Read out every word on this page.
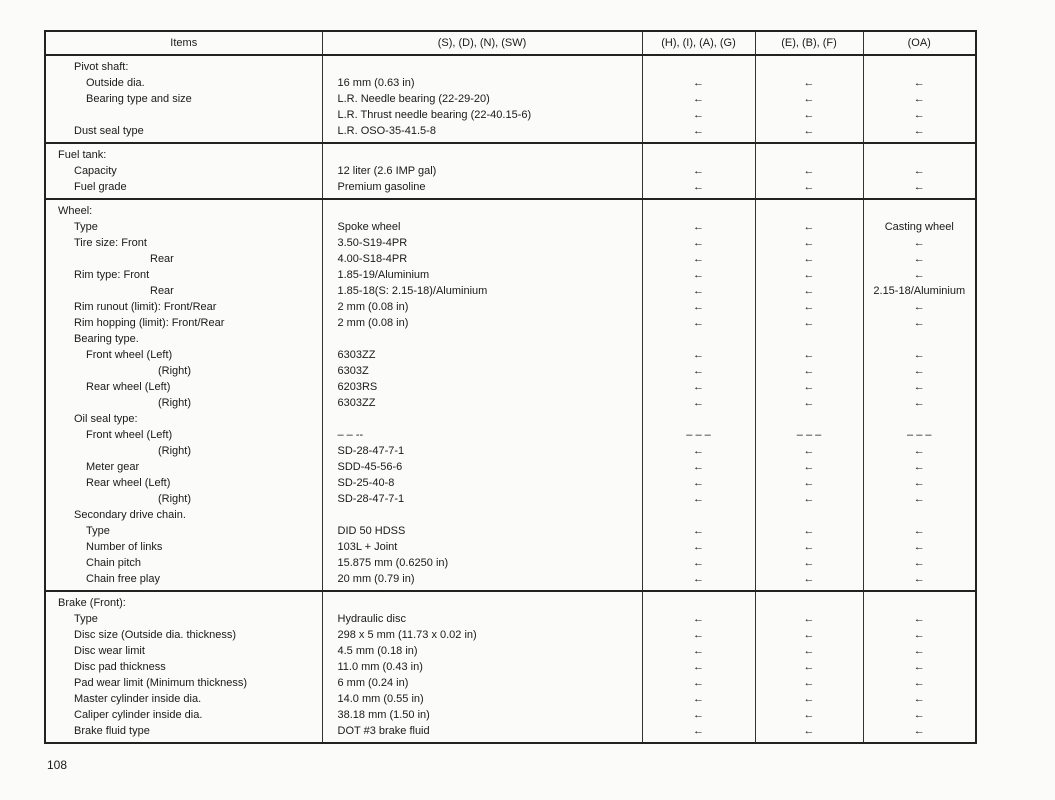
Items	(S), (D), (N), (SW)	(H), (I), (A), (G)	(E), (B), (F)	(OA)

Pivot shaft:				
Outside dia.	16 mm (0.63 in)	←	←	←
Bearing type and size	L.R. Needle bearing (22-29-20)	←	←	←
	L.R. Thrust needle bearing (22-40.15-6)	←	←	←
Dust seal type	L.R. OSO-35-41.5-8	←	←	←

Fuel tank:				
Capacity	12 liter (2.6 IMP gal)	←	←	←
Fuel grade	Premium gasoline	←	←	←

Wheel:				
Type	Spoke wheel	←	←	Casting wheel
Tire size: Front	3.50-S19-4PR	←	←	←
Rear	4.00-S18-4PR	←	←	←
Rim type: Front	1.85-19/Aluminium	←	←	←
Rear	1.85-18(S: 2.15-18)/Aluminium	←	←	2.15-18/Aluminium
Rim runout (limit): Front/Rear	2 mm (0.08 in)	←	←	←
Rim hopping (limit): Front/Rear	2 mm (0.08 in)	←	←	←
Bearing type.				
Front wheel (Left)	6303ZZ	←	←	←
(Right)	6303Z	←	←	←
Rear wheel (Left)	6203RS	←	←	←
(Right)	6303ZZ	←	←	←
Oil seal type:				
Front wheel (Left)	– – --	– – –	– – –	– – –
(Right)	SD-28-47-7-1	←	←	←
Meter gear	SDD-45-56-6	←	←	←
Rear wheel (Left)	SD-25-40-8	←	←	←
(Right)	SD-28-47-7-1	←	←	←
Secondary drive chain.				
Type	DID 50 HDSS	←	←	←
Number of links	103L + Joint	←	←	←
Chain pitch	15.875 mm (0.6250 in)	←	←	←
Chain free play	20 mm (0.79 in)	←	←	←

Brake (Front):				
Type	Hydraulic disc	←	←	←
Disc size (Outside dia. thickness)	298 x 5 mm (11.73 x 0.02 in)	←	←	←
Disc wear limit	4.5 mm (0.18 in)	←	←	←
Disc pad thickness	11.0 mm (0.43 in)	←	←	←
Pad wear limit (Minimum thickness)	6 mm (0.24 in)	←	←	←
Master cylinder inside dia.	14.0 mm (0.55 in)	←	←	←
Caliper cylinder inside dia.	38.18 mm (1.50 in)	←	←	←
Brake fluid type	DOT #3 brake fluid	←	←	←

108
